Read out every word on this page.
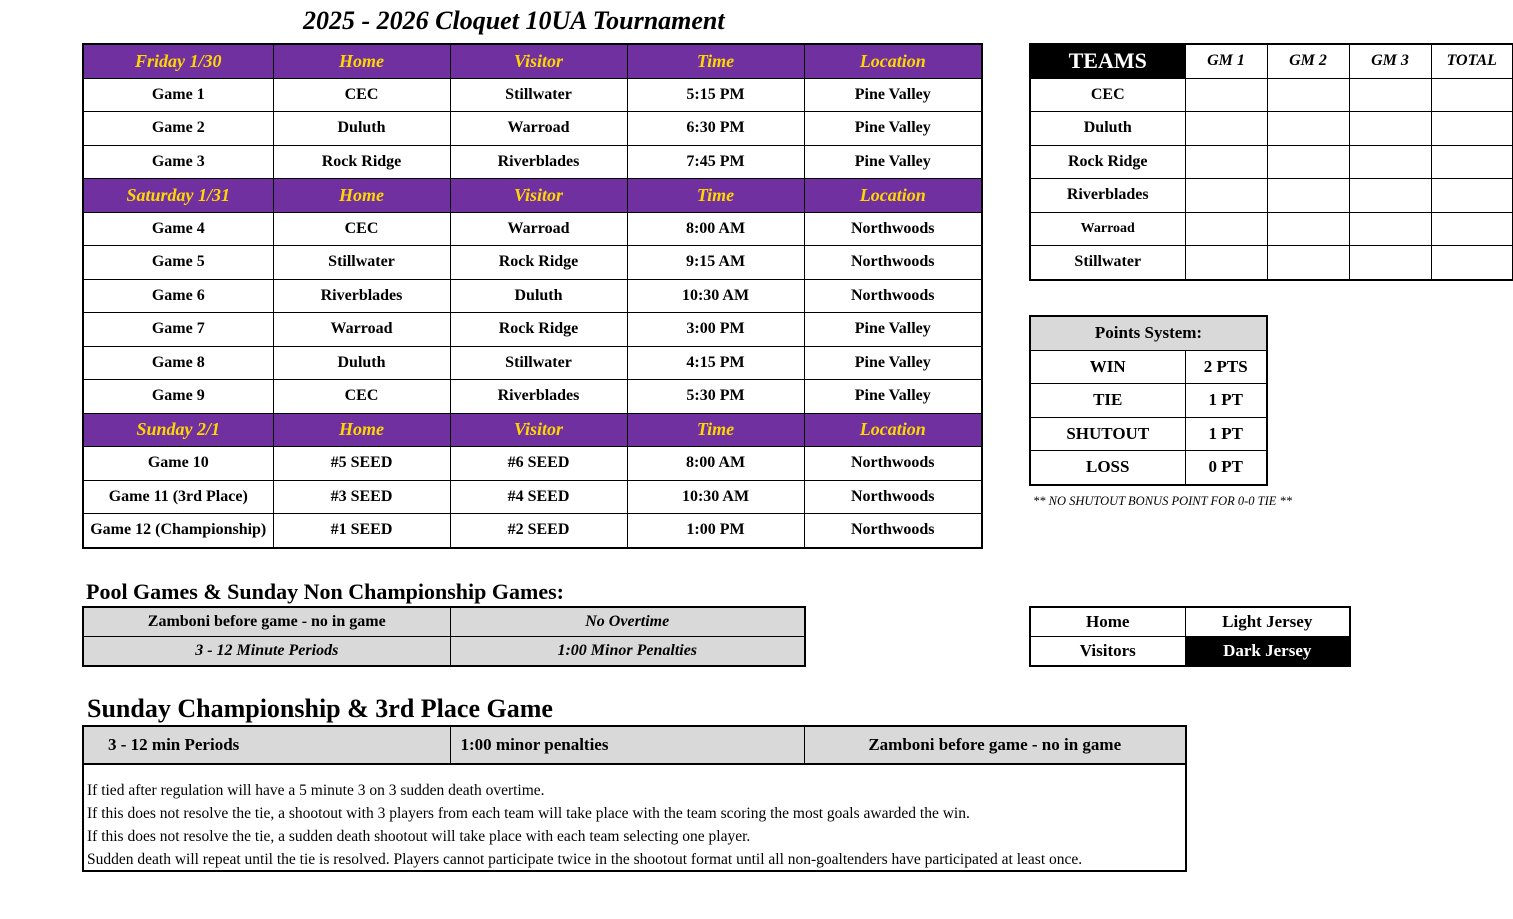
2025 - 2026 Cloquet 10UA Tournament
Friday 1/30	Home	Visitor	Time	Location
Game 1	CEC	Stillwater	5:15 PM	Pine Valley
Game 2	Duluth	Warroad	6:30 PM	Pine Valley
Game 3	Rock Ridge	Riverblades	7:45 PM	Pine Valley
Saturday 1/31	Home	Visitor	Time	Location
Game 4	CEC	Warroad	8:00 AM	Northwoods
Game 5	Stillwater	Rock Ridge	9:15 AM	Northwoods
Game 6	Riverblades	Duluth	10:30 AM	Northwoods
Game 7	Warroad	Rock Ridge	3:00 PM	Pine Valley
Game 8	Duluth	Stillwater	4:15 PM	Pine Valley
Game 9	CEC	Riverblades	5:30 PM	Pine Valley
Sunday 2/1	Home	Visitor	Time	Location
Game 10	#5 SEED	#6 SEED	8:00 AM	Northwoods
Game 11 (3rd Place)	#3 SEED	#4 SEED	10:30 AM	Northwoods
Game 12 (Championship)	#1 SEED	#2 SEED	1:00 PM	Northwoods
TEAMS	GM 1	GM 2	GM 3	TOTAL
CEC				
Duluth				
Rock Ridge				
Riverblades				
Warroad				
Stillwater				
Points System:	
WIN	2 PTS
TIE	1 PT
SHUTOUT	1 PT
LOSS	0 PT
** NO SHUTOUT BONUS POINT FOR 0-0 TIE **
Pool Games & Sunday Non Championship Games:
Zamboni before game - no in game	No Overtime
3 - 12 Minute Periods	1:00 Minor Penalties
Home	Light Jersey
Visitors	Dark Jersey
Sunday Championship & 3rd Place Game
3 - 12 min Periods	1:00 minor penalties	Zamboni before game - no in game
If tied after regulation will have a 5 minute 3 on 3 sudden death overtime.
If this does not resolve the tie, a shootout with 3 players from each team will take place with the team scoring the most goals awarded the win.
If this does not resolve the tie, a sudden death shootout will take place with each team selecting one player.
Sudden death will repeat until the tie is resolved. Players cannot participate twice in the shootout format until all non-goaltenders have participated at least once.
